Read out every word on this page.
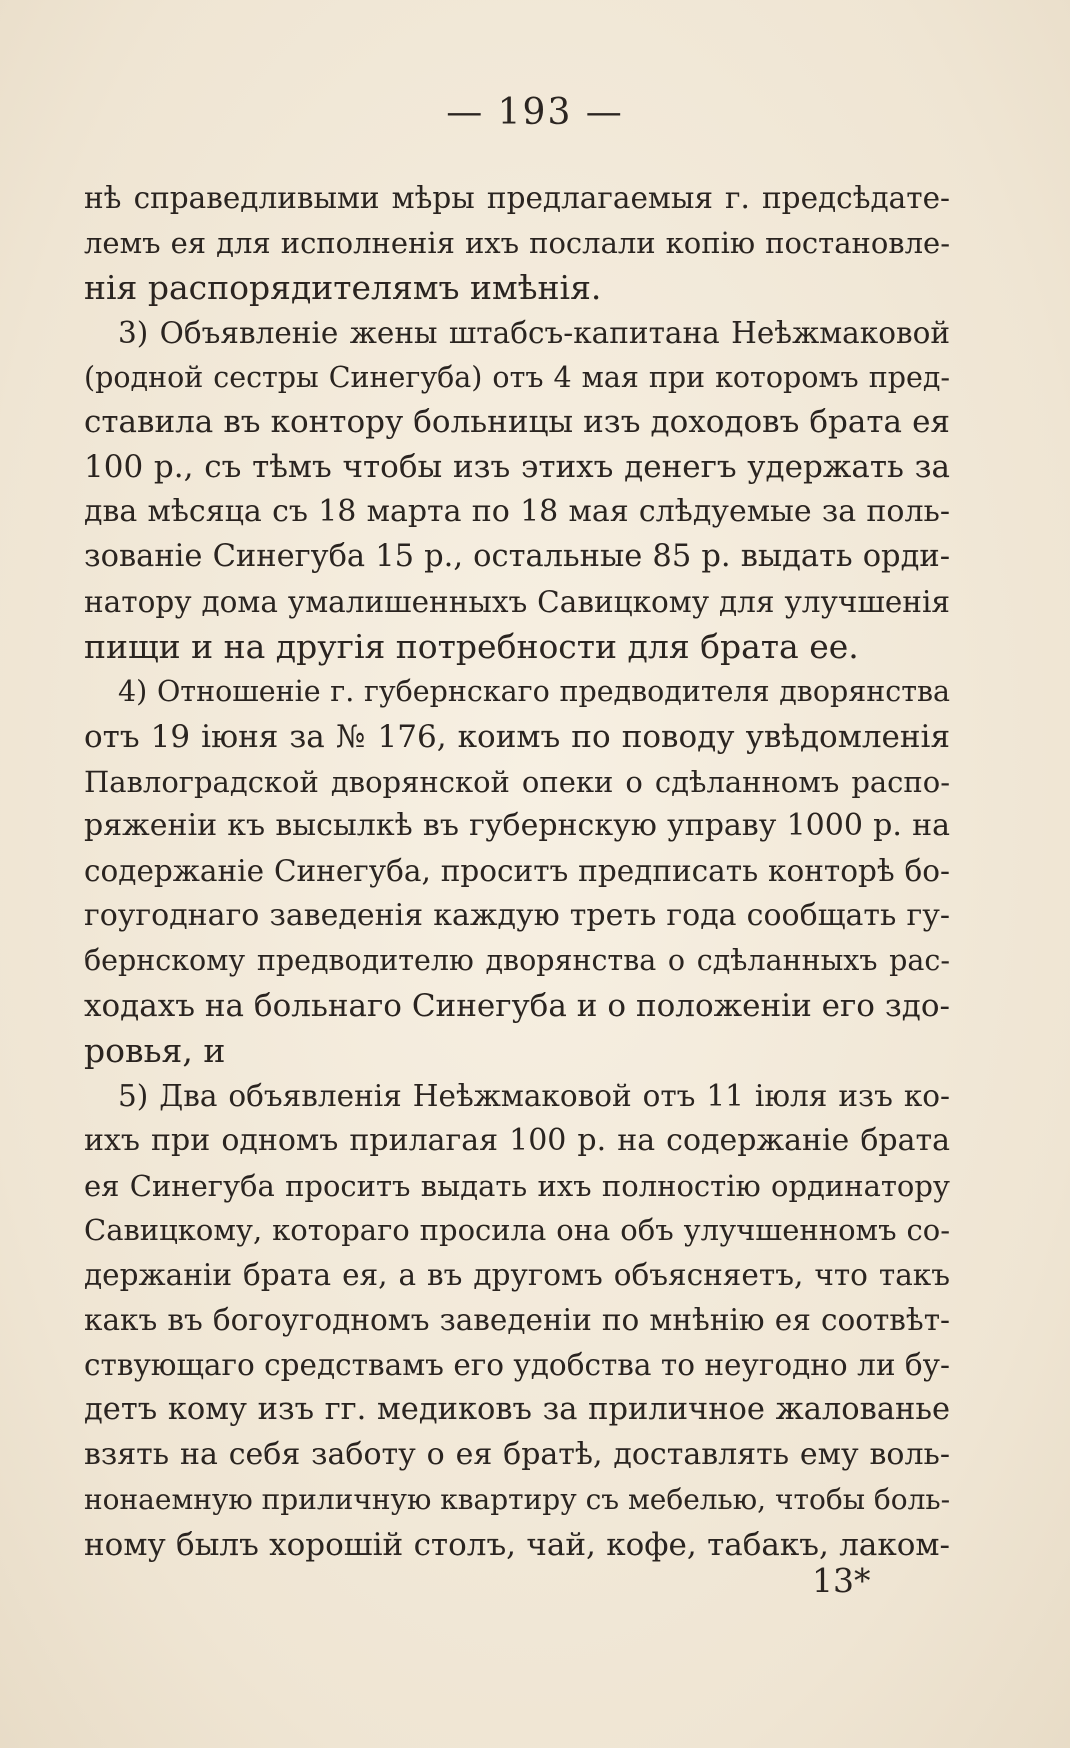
— 193 —
нѣ справедливыми мѣры предлагаемыя г. предсѣдате-
лемъ ея для исполненія ихъ послали копію постановле-
нія распорядителямъ имѣнія.
3) Объявленіе жены штабсъ-капитана Неѣжмаковой
(родной сестры Синегуба) отъ 4 мая при которомъ пред-
ставила въ контору больницы изъ доходовъ брата ея
100 р., съ тѣмъ чтобы изъ этихъ денегъ удержать за
два мѣсяца съ 18 марта по 18 мая слѣдуемые за поль-
зованіе Синегуба 15 р., остальные 85 р. выдать орди-
натору дома умалишенныхъ Савицкому для улучшенія
пищи и на другія потребности для брата ее.
4) Отношеніе г. губернскаго предводителя дворянства
отъ 19 іюня за № 176, коимъ по поводу увѣдомленія
Павлоградской дворянской опеки о сдѣланномъ распо-
ряженіи къ высылкѣ въ губернскую управу 1000 р. на
содержаніе Синегуба, проситъ предписать конторѣ бо-
гоугоднаго заведенія каждую треть года сообщать гу-
бернскому предводителю дворянства о сдѣланныхъ рас-
ходахъ на больнаго Синегуба и о положеніи его здо-
ровья, и
5) Два объявленія Неѣжмаковой отъ 11 іюля изъ ко-
ихъ при одномъ прилагая 100 р. на содержаніе брата
ея Синегуба проситъ выдать ихъ полностію ординатору
Савицкому, котораго просила она объ улучшенномъ со-
держаніи брата ея, а въ другомъ объясняетъ, что такъ
какъ въ богоугодномъ заведеніи по мнѣнію ея соотвѣт-
ствующаго средствамъ его удобства то неугодно ли бу-
детъ кому изъ гг. медиковъ за приличное жалованье
взять на себя заботу о ея братѣ, доставлять ему воль-
нонаемную приличную квартиру съ мебелью, чтобы боль-
ному былъ хорошій столъ, чай, кофе, табакъ, лаком-
13*
